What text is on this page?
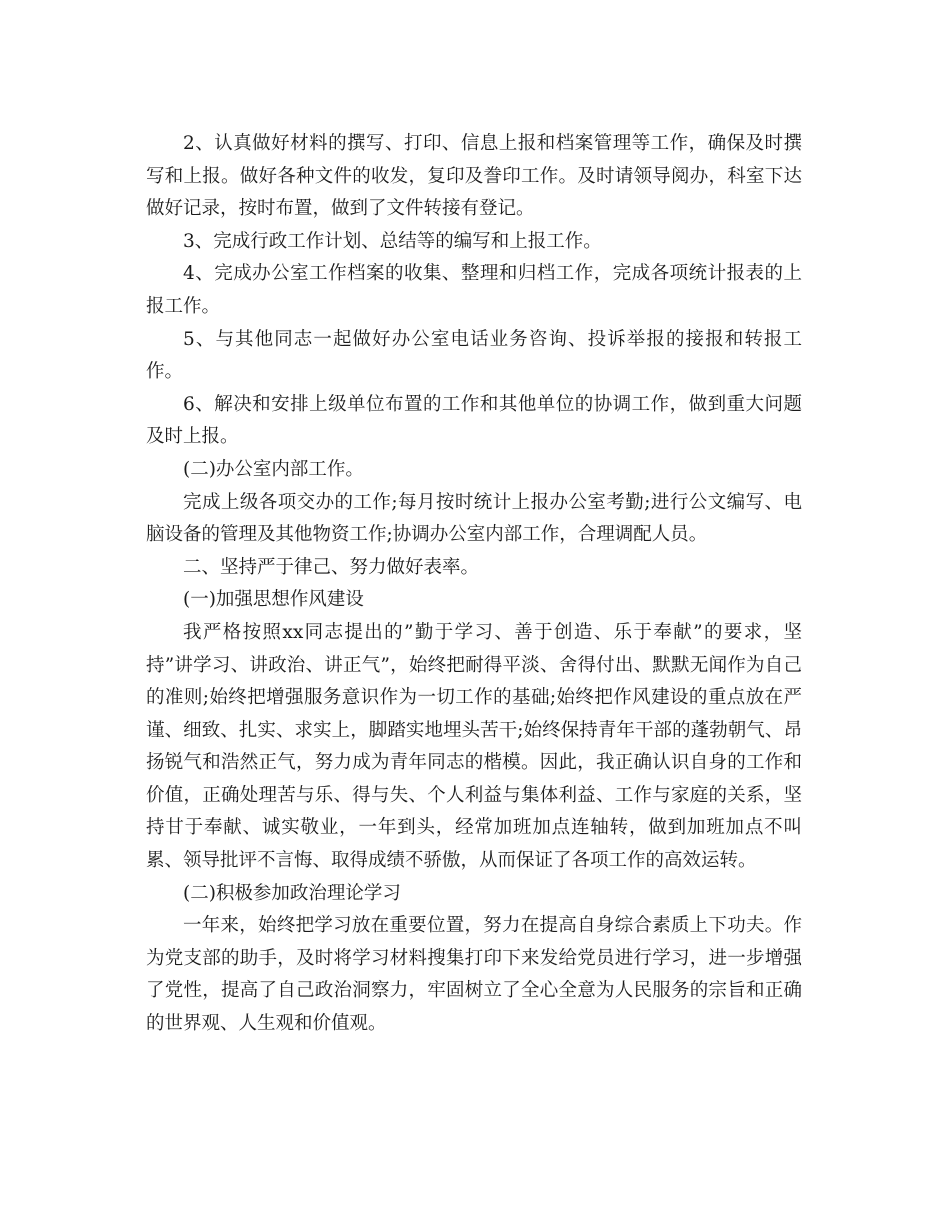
2、认真做好材料的撰写、打印、信息上报和档案管理等工作，确保及时撰写和上报。做好各种文件的收发，复印及誊印工作。及时请领导阅办，科室下达做好记录，按时布置，做到了文件转接有登记。

3、完成行政工作计划、总结等的编写和上报工作。

4、完成办公室工作档案的收集、整理和归档工作，完成各项统计报表的上报工作。

5、与其他同志一起做好办公室电话业务咨询、投诉举报的接报和转报工作。

6、解决和安排上级单位布置的工作和其他单位的协调工作，做到重大问题及时上报。

(二)办公室内部工作。

完成上级各项交办的工作;每月按时统计上报办公室考勤;进行公文编写、电脑设备的管理及其他物资工作;协调办公室内部工作，合理调配人员。

二、坚持严于律己、努力做好表率。

(一)加强思想作风建设

我严格按照xx同志提出的”勤于学习、善于创造、乐于奉献”的要求，坚持”讲学习、讲政治、讲正气”，始终把耐得平淡、舍得付出、默默无闻作为自己的准则;始终把增强服务意识作为一切工作的基础;始终把作风建设的重点放在严谨、细致、扎实、求实上，脚踏实地埋头苦干;始终保持青年干部的蓬勃朝气、昂扬锐气和浩然正气，努力成为青年同志的楷模。因此，我正确认识自身的工作和价值，正确处理苦与乐、得与失、个人利益与集体利益、工作与家庭的关系，坚持甘于奉献、诚实敬业，一年到头，经常加班加点连轴转，做到加班加点不叫累、领导批评不言悔、取得成绩不骄傲，从而保证了各项工作的高效运转。

(二)积极参加政治理论学习

一年来，始终把学习放在重要位置，努力在提高自身综合素质上下功夫。作为党支部的助手，及时将学习材料搜集打印下来发给党员进行学习，进一步增强了党性，提高了自己政治洞察力，牢固树立了全心全意为人民服务的宗旨和正确的世界观、人生观和价值观。
